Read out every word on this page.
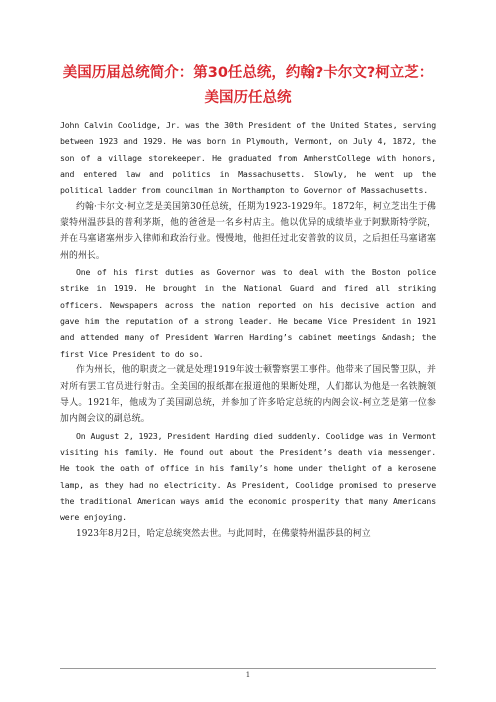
美国历届总统简介：第30任总统，约翰?卡尔文?柯立芝：美国历任总统

John Calvin Coolidge, Jr. was the 30th President of the United States, serving between 1923 and 1929. He was born in Plymouth, Vermont, on July 4, 1872, the son of a village storekeeper. He graduated from AmherstCollege with honors, and entered law and politics in Massachusetts. Slowly, he went up the political ladder from councilman in Northampton to Governor of Massachusetts.

约翰·卡尔文·柯立芝是美国第30任总统，任期为1923-1929年。1872年，柯立芝出生于佛蒙特州温莎县的普利茅斯，他的爸爸是一名乡村店主。他以优异的成绩毕业于阿默斯特学院，并在马塞诸塞州步入律师和政治行业。慢慢地，他担任过北安普敦的议员，之后担任马塞诸塞州的州长。

One of his first duties as Governor was to deal with the Boston police strike in 1919. He brought in the National Guard and fired all striking officers. Newspapers across the nation reported on his decisive action and gave him the reputation of a strong leader. He became Vice President in 1921 and attended many of President Warren Harding’s cabinet meetings &ndash; the first Vice President to do so.

作为州长，他的职责之一就是处理1919年波士顿警察罢工事件。他带来了国民警卫队，并对所有罢工官员进行射击。全美国的报纸都在报道他的果断处理，人们都认为他是一名铁腕领导人。1921年，他成为了美国副总统，并参加了许多哈定总统的内阁会议-柯立芝是第一位参加内阁会议的副总统。

On August 2, 1923, President Harding died suddenly. Coolidge was in Vermont visiting his family. He found out about the President’s death via messenger. He took the oath of office in his family’s home under thelight of a kerosene lamp, as they had no electricity. As President, Coolidge promised to preserve the traditional American ways amid the economic prosperity that many Americans were enjoying.

1923年8月2日，哈定总统突然去世。与此同时，在佛蒙特州温莎县的柯立

1
